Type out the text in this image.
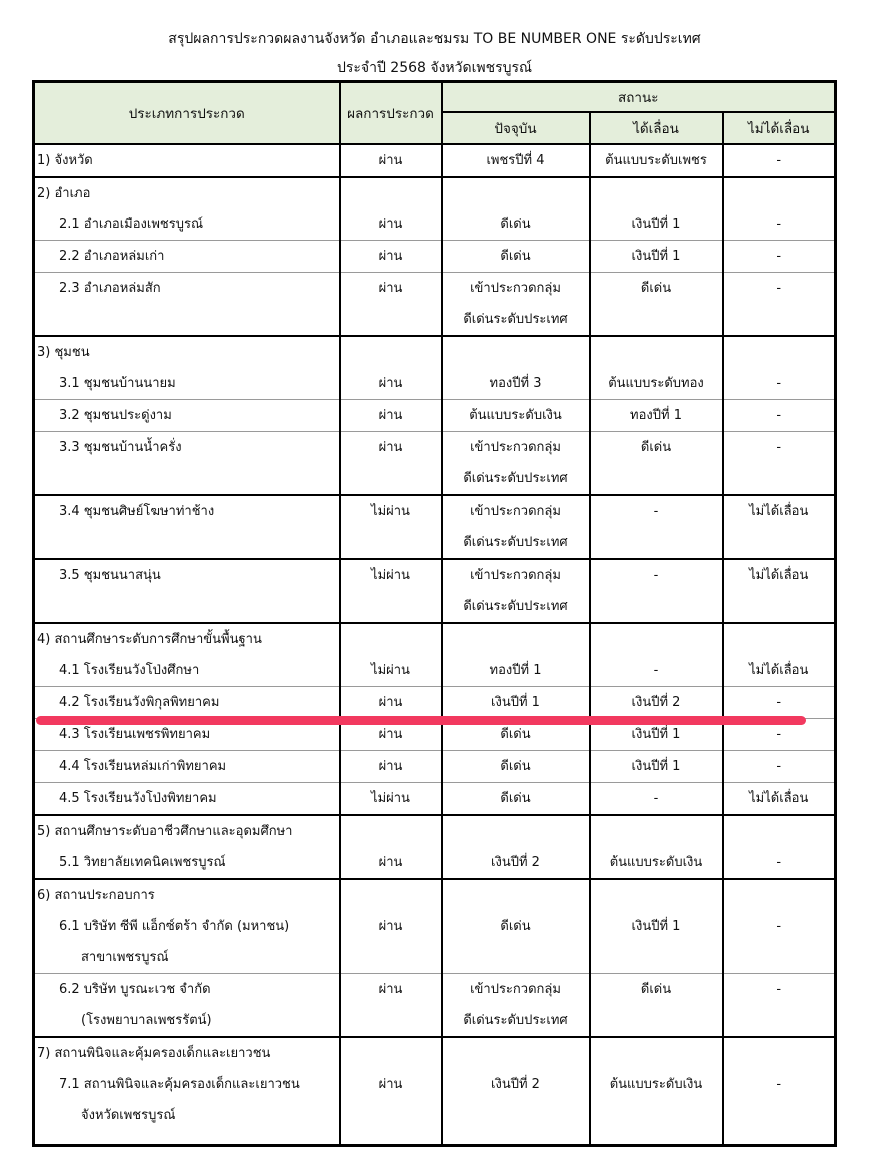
สรุปผลการประกวดผลงานจังหวัด อำเภอและชมรม TO BE NUMBER ONE ระดับประเทศ
ประจำปี 2568 จังหวัดเพชรบูรณ์
ประเภทการประกวด	ผลการประกวด	สถานะ		
		ปัจจุบัน	ได้เลื่อน	ไม่ได้เลื่อน

1) จังหวัด	ผ่าน	เพชรปีที่ 4	ต้นแบบระดับเพชร	-

2) อำเภอ				

2.1 อำเภอเมืองเพชรบูรณ์	ผ่าน	ดีเด่น	เงินปีที่ 1	-

2.2 อำเภอหล่มเก่า	ผ่าน	ดีเด่น	เงินปีที่ 1	-

2.3 อำเภอหล่มสัก	ผ่าน	เข้าประกวดกลุ่ม
ดีเด่นระดับประเทศ	ดีเด่น	-

3) ชุมชน				

3.1 ชุมชนบ้านนายม	ผ่าน	ทองปีที่ 3	ต้นแบบระดับทอง	-

3.2 ชุมชนประดู่งาม	ผ่าน	ต้นแบบระดับเงิน	ทองปีที่ 1	-

3.3 ชุมชนบ้านน้ำครั่ง	ผ่าน	เข้าประกวดกลุ่ม
ดีเด่นระดับประเทศ	ดีเด่น	-

3.4 ชุมชนศิษย์โฆษาท่าช้าง	ไม่ผ่าน	เข้าประกวดกลุ่ม
ดีเด่นระดับประเทศ	-	ไม่ได้เลื่อน

3.5 ชุมชนนาสนุ่น	ไม่ผ่าน	เข้าประกวดกลุ่ม
ดีเด่นระดับประเทศ	-	ไม่ได้เลื่อน

4) สถานศึกษาระดับการศึกษาขั้นพื้นฐาน				

4.1 โรงเรียนวังโป่งศึกษา	ไม่ผ่าน	ทองปีที่ 1	-	ไม่ได้เลื่อน

4.2 โรงเรียนวังพิกุลพิทยาคม	ผ่าน	เงินปีที่ 1	เงินปีที่ 2	-

4.3 โรงเรียนเพชรพิทยาคม	ผ่าน	ดีเด่น	เงินปีที่ 1	-

4.4 โรงเรียนหล่มเก่าพิทยาคม	ผ่าน	ดีเด่น	เงินปีที่ 1	-

4.5 โรงเรียนวังโป่งพิทยาคม	ไม่ผ่าน	ดีเด่น	-	ไม่ได้เลื่อน

5) สถานศึกษาระดับอาชีวศึกษาและอุดมศึกษา				

5.1 วิทยาลัยเทคนิคเพชรบูรณ์	ผ่าน	เงินปีที่ 2	ต้นแบบระดับเงิน	-

6) สถานประกอบการ				

6.1 บริษัท ซีพี แอ็กซ์ตร้า จำกัด (มหาชน)
สาขาเพชรบูรณ์	ผ่าน	ดีเด่น	เงินปีที่ 1	-

6.2 บริษัท บูรณะเวช จำกัด
(โรงพยาบาลเพชรรัตน์)	ผ่าน	เข้าประกวดกลุ่ม
ดีเด่นระดับประเทศ	ดีเด่น	-

7) สถานพินิจและคุ้มครองเด็กและเยาวชน				

7.1 สถานพินิจและคุ้มครองเด็กและเยาวชน
จังหวัดเพชรบูรณ์	ผ่าน	เงินปีที่ 2	ต้นแบบระดับเงิน	-
